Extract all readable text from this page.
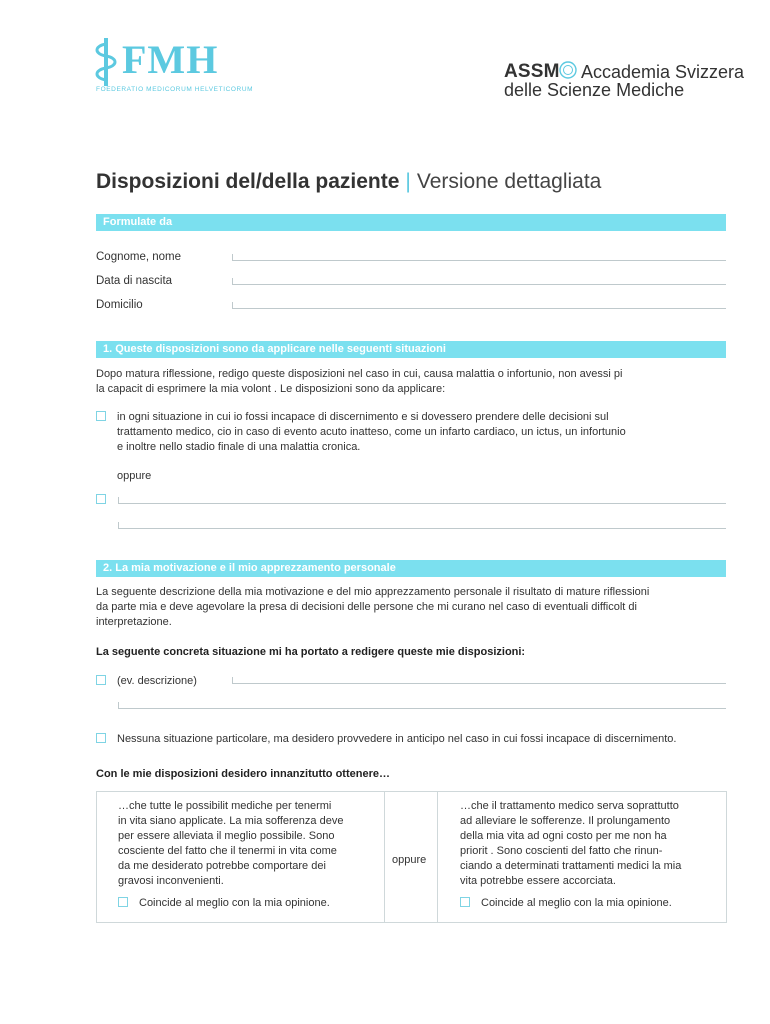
FMH
FOEDERATIO MEDICORUM HELVETICORUM
ASSM Accademia Svizzera
delle Scienze Mediche
Disposizioni del/della paziente | Versione dettagliata
Formulate da
Cognome, nome
Data di nascita
Domicilio
1. Queste disposizioni sono da applicare nelle seguenti situazioni
Dopo matura riflessione, redigo queste disposizioni nel caso in cui, causa malattia o infortunio, non avessi pi
la capacit di esprimere la mia volont . Le disposizioni sono da applicare:
in ogni situazione in cui io fossi incapace di discernimento e si dovessero prendere delle decisioni sul
trattamento medico, cio in caso di evento acuto inatteso, come un infarto cardiaco, un ictus, un infortunio
e inoltre nello stadio finale di una malattia cronica.
oppure
2. La mia motivazione e il mio apprezzamento personale
La seguente descrizione della mia motivazione e del mio apprezzamento personale il risultato di mature riflessioni
da parte mia e deve agevolare la presa di decisioni delle persone che mi curano nel caso di eventuali difficolt di
interpretazione.
La seguente concreta situazione mi ha portato a redigere queste mie disposizioni:
(ev. descrizione)
Nessuna situazione particolare, ma desidero provvedere in anticipo nel caso in cui fossi incapace di discernimento.
Con le mie disposizioni desidero innanzitutto ottenere…
…che tutte le possibilit mediche per tenermi
in vita siano applicate. La mia sofferenza deve
per essere alleviata il meglio possibile. Sono
cosciente del fatto che il tenermi in vita come
da me desiderato potrebbe comportare dei
gravosi inconvenienti.
oppure
…che il trattamento medico serva soprattutto
ad alleviare le sofferenze. Il prolungamento
della mia vita ad ogni costo per me non ha
priorit . Sono coscienti del fatto che rinun-
ciando a determinati trattamenti medici la mia
vita potrebbe essere accorciata.
Coincide al meglio con la mia opinione.	Coincide al meglio con la mia opinione.
